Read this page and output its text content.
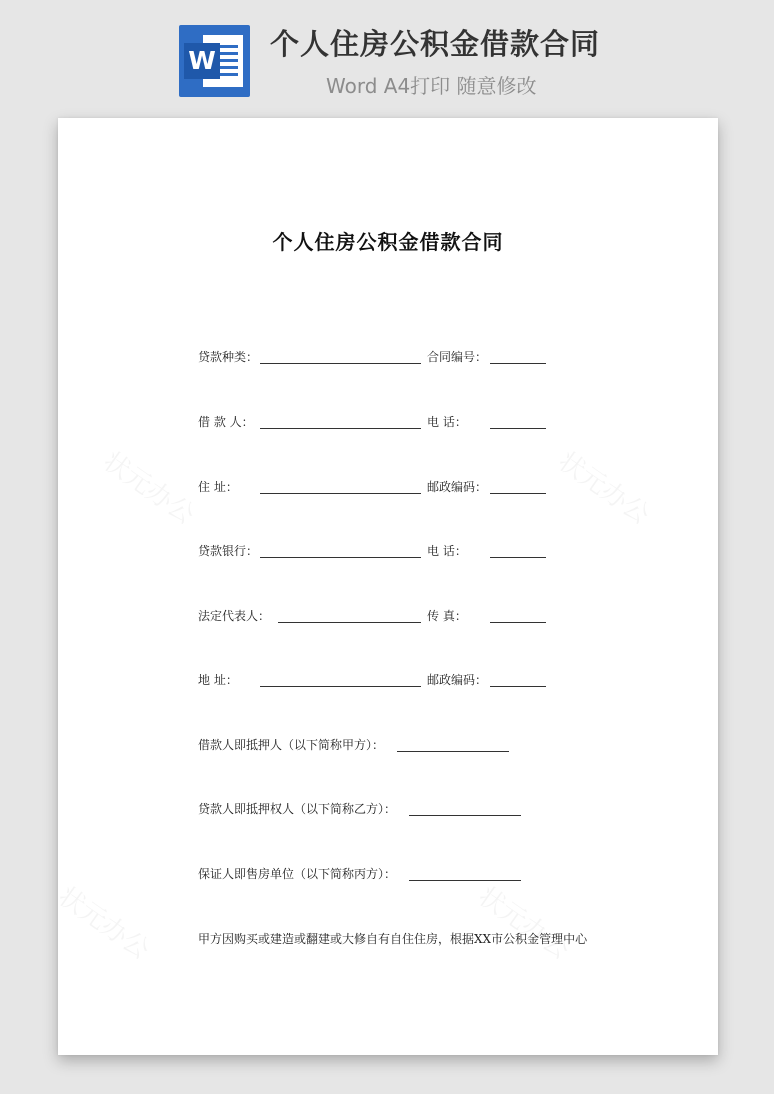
W 个人住房公积金借款合同
Word A4打印 随意修改
个人住房公积金借款合同
贷款种类：	合同编号：
借 款 人：	电 话：
住 址：	邮政编码：
贷款银行：	电 话：
法定代表人：	传 真：
地 址：	邮政编码：
借款人即抵押人（以下简称甲方）：
贷款人即抵押权人（以下简称乙方）：
保证人即售房单位（以下简称丙方）：
甲方因购买或建造或翻建或大修自有自住住房，根据XX市公积金管理中心
